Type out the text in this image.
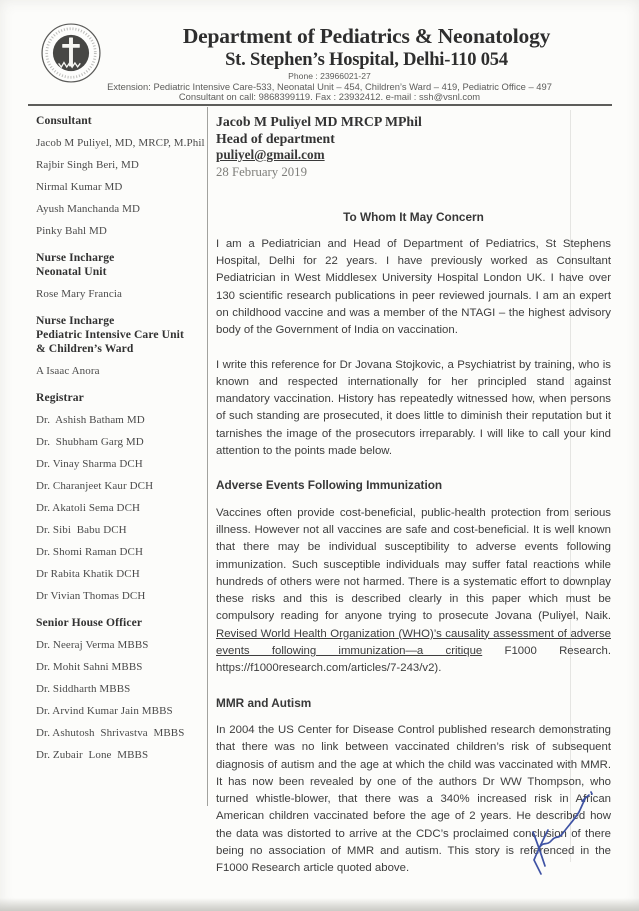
Department of Pediatrics & Neonatology
St. Stephen’s Hospital, Delhi-110 054
Phone : 23966021-27
Extension: Pediatric Intensive Care-533, Neonatal Unit – 454, Children’s Ward – 419, Pediatric Office – 497
Consultant on call: 9868399119. Fax : 23932412. e-mail : ssh@vsnl.com
Consultant
Jacob M Puliyel, MD, MRCP, M.Phil
Rajbir Singh Beri, MD
Nirmal Kumar MD
Ayush Manchanda MD
Pinky Bahl MD
Nurse Incharge
Neonatal Unit
Rose Mary Francia
Nurse Incharge
Pediatric Intensive Care Unit
& Children’s Ward
A Isaac Anora
Registrar
Dr.  Ashish Batham MD
Dr.  Shubham Garg MD
Dr. Vinay Sharma DCH
Dr. Charanjeet Kaur DCH
Dr. Akatoli Sema DCH
Dr. Sibi  Babu DCH
Dr. Shomi Raman DCH
Dr Rabita Khatik DCH
Dr Vivian Thomas DCH
Senior House Officer
Dr. Neeraj Verma MBBS
Dr. Mohit Sahni MBBS
Dr. Siddharth MBBS
Dr. Arvind Kumar Jain MBBS
Dr. Ashutosh  Shrivastva  MBBS
Dr. Zubair  Lone  MBBS
Jacob M Puliyel MD MRCP MPhil
Head of department
puliyel@gmail.com
28 February 2019
To Whom It May Concern

I am a Pediatrician and Head of Department of Pediatrics, St Stephens Hospital, Delhi for 22 years. I have previously worked as Consultant Pediatrician in West Middlesex University Hospital London UK. I have over 130 scientific research publications in peer reviewed journals. I am an expert on childhood vaccine and was a member of the NTAGI – the highest advisory body of the Government of India on vaccination.

I write this reference for Dr Jovana Stojkovic, a Psychiatrist by training, who is known and respected internationally for her principled stand against mandatory vaccination. History has repeatedly witnessed how, when persons of such standing are prosecuted, it does little to diminish their reputation but it tarnishes the image of the prosecutors irreparably. I will like to call your kind attention to the points made below.

Adverse Events Following Immunization

Vaccines often provide cost-beneficial, public-health protection from serious illness. However not all vaccines are safe and cost-beneficial. It is well known that there may be individual susceptibility to adverse events following immunization. Such susceptible individuals may suffer fatal reactions while hundreds of others were not harmed. There is a systematic effort to downplay these risks and this is described clearly in this paper which must be compulsory reading for anyone trying to prosecute Jovana (Puliyel, Naik. Revised World Health Organization (WHO)’s causality assessment of adverse events following immunization—a critique F1000 Research. https://f1000research.com/articles/7-243/v2).

MMR and Autism

In 2004 the US Center for Disease Control published research demonstrating that there was no link between vaccinated children’s risk of subsequent diagnosis of autism and the age at which the child was vaccinated with MMR. It has now been revealed by one of the authors Dr WW Thompson, who turned whistle-blower, that there was a 340% increased risk in African American children vaccinated before the age of 2 years. He described how the data was distorted to arrive at the CDC’s proclaimed conclusion of there being no association of MMR and autism. This story is referenced in the F1000 Research article quoted above.
